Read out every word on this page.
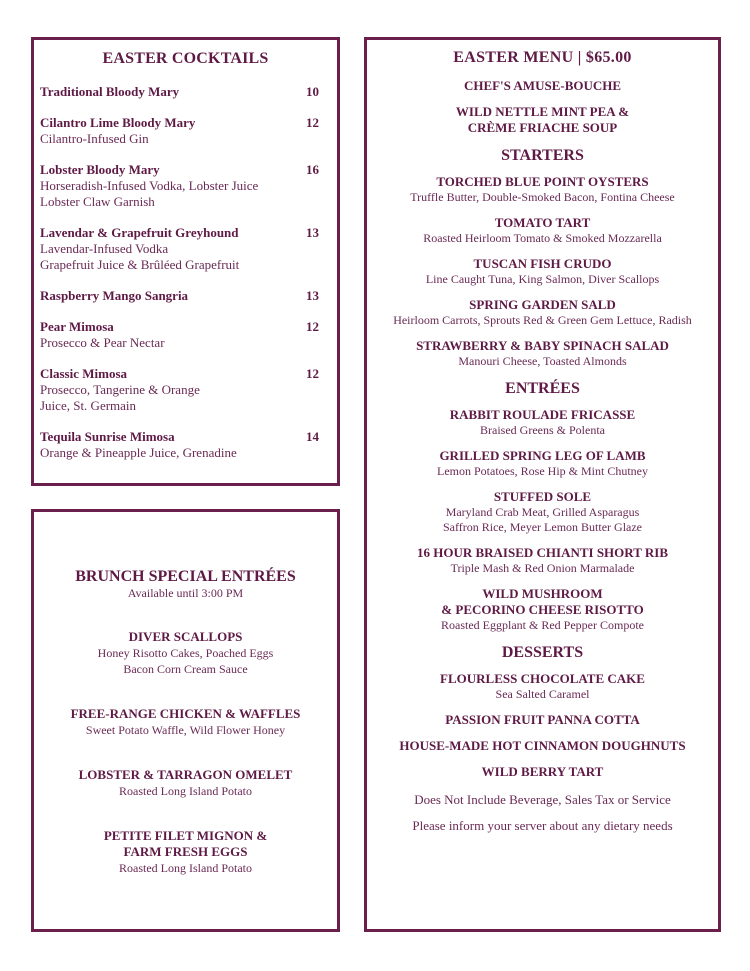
EASTER COCKTAILS
Traditional Bloody Mary	10
Cilantro Lime Bloody Mary	12
Cilantro-Infused Gin
Lobster Bloody Mary	16
Horseradish-Infused Vodka, Lobster Juice
Lobster Claw Garnish
Lavendar & Grapefruit Greyhound	13
Lavendar-Infused Vodka
Grapefruit Juice & Brûléed Grapefruit
Raspberry Mango Sangria	13
Pear Mimosa	12
Prosecco & Pear Nectar
Classic Mimosa	12
Prosecco, Tangerine & Orange
Juice, St. Germain
Tequila Sunrise Mimosa	14
Orange & Pineapple Juice, Grenadine
BRUNCH SPECIAL ENTRÉES
Available until 3:00 PM
DIVER SCALLOPS
Honey Risotto Cakes, Poached Eggs
Bacon Corn Cream Sauce
FREE-RANGE CHICKEN & WAFFLES
Sweet Potato Waffle, Wild Flower Honey
LOBSTER & TARRAGON OMELET
Roasted Long Island Potato
PETITE FILET MIGNON &
FARM FRESH EGGS
Roasted Long Island Potato
EASTER MENU | $65.00
CHEF'S AMUSE-BOUCHE
WILD NETTLE MINT PEA &
CRÈME FRIACHE SOUP
STARTERS
TORCHED BLUE POINT OYSTERS
Truffle Butter, Double-Smoked Bacon, Fontina Cheese
TOMATO TART
Roasted Heirloom Tomato & Smoked Mozzarella
TUSCAN FISH CRUDO
Line Caught Tuna, King Salmon, Diver Scallops
SPRING GARDEN SALD
Heirloom Carrots, Sprouts Red & Green Gem Lettuce, Radish
STRAWBERRY & BABY SPINACH SALAD
Manouri Cheese, Toasted Almonds
ENTRÉES
RABBIT ROULADE FRICASSE
Braised Greens & Polenta
GRILLED SPRING LEG OF LAMB
Lemon Potatoes, Rose Hip & Mint Chutney
STUFFED SOLE
Maryland Crab Meat, Grilled Asparagus
Saffron Rice, Meyer Lemon Butter Glaze
16 HOUR BRAISED CHIANTI SHORT RIB
Triple Mash & Red Onion Marmalade
WILD MUSHROOM
& PECORINO CHEESE RISOTTO
Roasted Eggplant & Red Pepper Compote
DESSERTS
FLOURLESS CHOCOLATE CAKE
Sea Salted Caramel
PASSION FRUIT PANNA COTTA
HOUSE-MADE HOT CINNAMON DOUGHNUTS
WILD BERRY TART
Does Not Include Beverage, Sales Tax or Service
Please inform your server about any dietary needs
